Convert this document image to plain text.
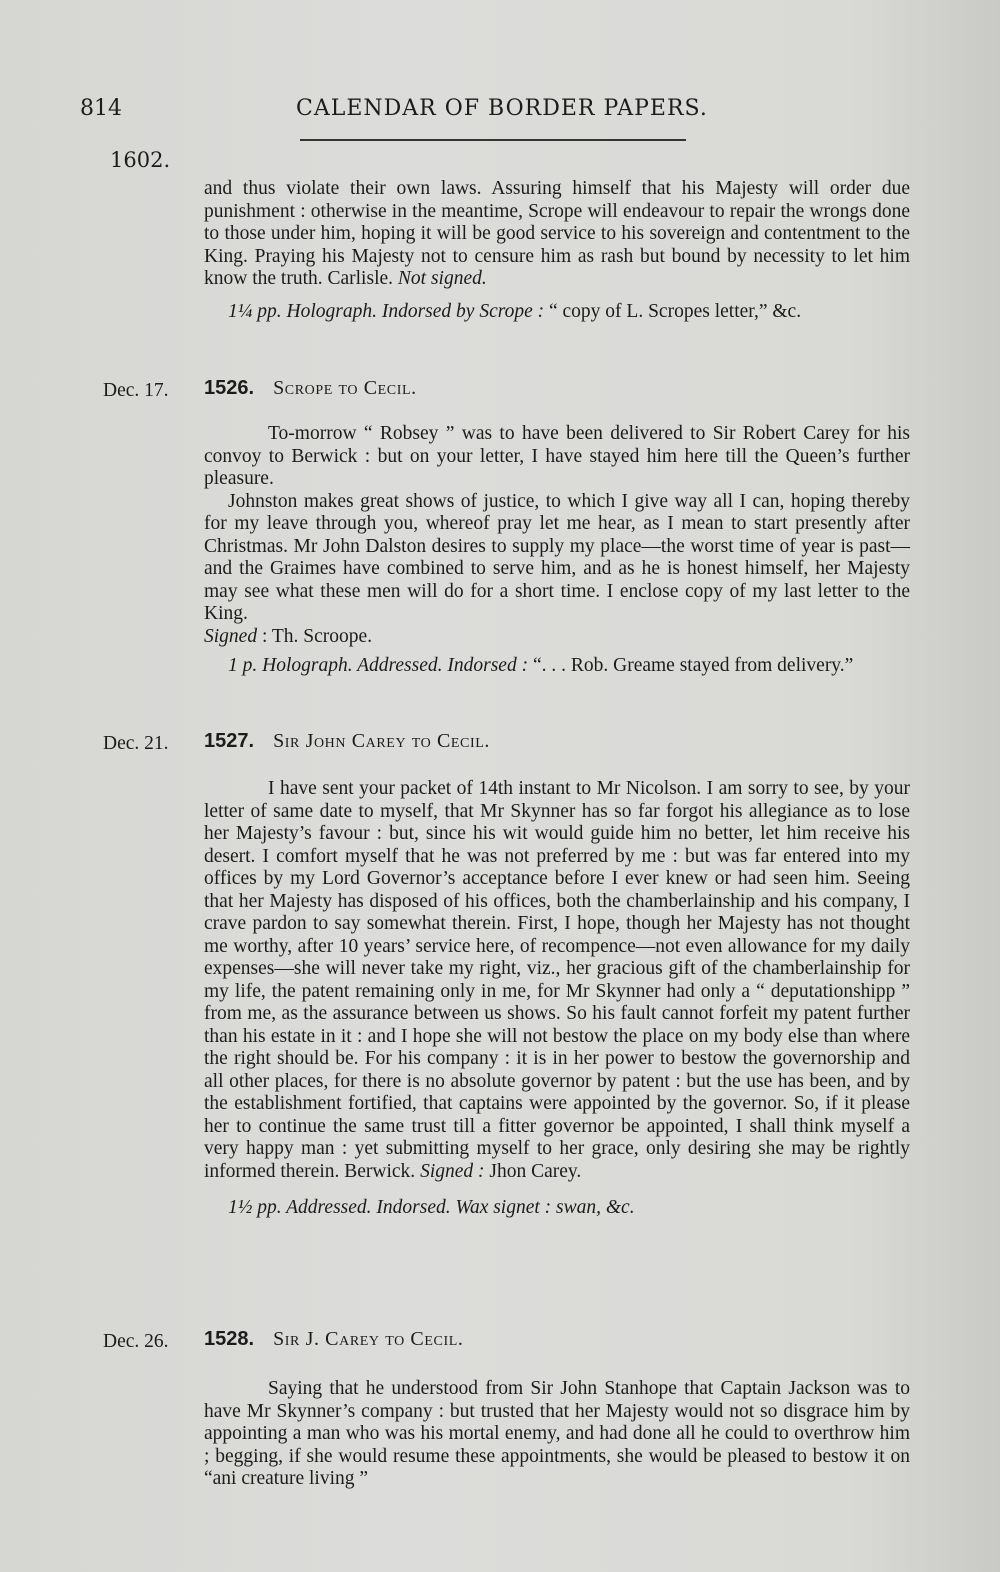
814	CALENDAR OF BORDER PAPERS.
1602.

and thus violate their own laws. Assuring himself that his Majesty will order due punishment : otherwise in the meantime, Scrope will endeavour to repair the wrongs done to those under him, hoping it will be good service to his sovereign and contentment to the King. Praying his Majesty not to censure him as rash but bound by necessity to let him know the truth. Carlisle. Not signed.

1¼ pp. Holograph. Indorsed by Scrope : “ copy of L. Scropes letter,” &c.

Dec. 17. 1526. Scrope to Cecil.

To-morrow “ Robsey ” was to have been delivered to Sir Robert Carey for his convoy to Berwick : but on your letter, I have stayed him here till the Queen’s further pleasure.

Johnston makes great shows of justice, to which I give way all I can, hoping thereby for my leave through you, whereof pray let me hear, as I mean to start presently after Christmas. Mr John Dalston desires to supply my place—the worst time of year is past—and the Graimes have combined to serve him, and as he is honest himself, her Majesty may see what these men will do for a short time. I enclose copy of my last letter to the King.

Signed : Th. Scroope.

1 p. Holograph. Addressed. Indorsed : “. . . Rob. Greame stayed from delivery.”

Dec. 21. 1527. Sir John Carey to Cecil.

I have sent your packet of 14th instant to Mr Nicolson. I am sorry to see, by your letter of same date to myself, that Mr Skynner has so far forgot his allegiance as to lose her Majesty’s favour : but, since his wit would guide him no better, let him receive his desert. I comfort myself that he was not preferred by me : but was far entered into my offices by my Lord Governor’s acceptance before I ever knew or had seen him. Seeing that her Majesty has disposed of his offices, both the chamberlainship and his company, I crave pardon to say somewhat therein. First, I hope, though her Majesty has not thought me worthy, after 10 years’ service here, of recompence—not even allowance for my daily expenses—she will never take my right, viz., her gracious gift of the chamberlainship for my life, the patent remaining only in me, for Mr Skynner had only a “ deputationshipp ” from me, as the assurance between us shows. So his fault cannot forfeit my patent further than his estate in it : and I hope she will not bestow the place on my body else than where the right should be. For his company : it is in her power to bestow the governorship and all other places, for there is no absolute governor by patent : but the use has been, and by the establishment fortified, that captains were appointed by the governor. So, if it please her to continue the same trust till a fitter governor be appointed, I shall think myself a very happy man : yet submitting myself to her grace, only desiring she may be rightly informed therein. Berwick. Signed : Jhon Carey.

1½ pp. Addressed. Indorsed. Wax signet : swan, &c.

Dec. 26. 1528. Sir J. Carey to Cecil.

Saying that he understood from Sir John Stanhope that Captain Jackson was to have Mr Skynner’s company : but trusted that her Majesty would not so disgrace him by appointing a man who was his mortal enemy, and had done all he could to overthrow him ; begging, if she would resume these appointments, she would be pleased to bestow it on “ani creature living ”
